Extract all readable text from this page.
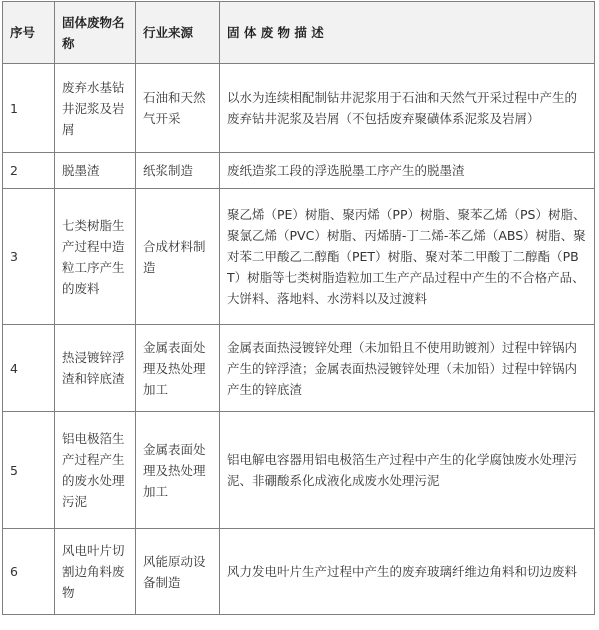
序号	固体废物名称	行业来源	固 体 废 物 描 述
1	废弃水基钻井泥浆及岩屑	石油和天然气开采	以水为连续相配制钻井泥浆用于石油和天然气开采过程中产生的废弃钻井泥浆及岩屑（不包括废弃聚磺体系泥浆及岩屑）
2	脱墨渣	纸浆制造	废纸造浆工段的浮选脱墨工序产生的脱墨渣
3	七类树脂生产过程中造粒工序产生的废料	合成材料制造	聚乙烯（PE）树脂、聚丙烯（PP）树脂、聚苯乙烯（PS）树脂、聚氯乙烯（PVC）树脂、丙烯腈-丁二烯-苯乙烯（ABS）树脂、聚对苯二甲酸乙二醇酯（PET）树脂、聚对苯二甲酸丁二醇酯（PBT）树脂等七类树脂造粒加工生产产品过程中产生的不合格产品、大饼料、落地料、水涝料以及过渡料
4	热浸镀锌浮渣和锌底渣	金属表面处理及热处理加工	金属表面热浸镀锌处理（未加铅且不使用助镀剂）过程中锌锅内产生的锌浮渣；金属表面热浸镀锌处理（未加铅）过程中锌锅内产生的锌底渣
5	铝电极箔生产过程产生的废水处理污泥	金属表面处理及热处理加工	铝电解电容器用铝电极箔生产过程中产生的化学腐蚀废水处理污泥、非硼酸系化成液化成废水处理污泥
6	风电叶片切割边角料废物	风能原动设备制造	风力发电叶片生产过程中产生的废弃玻璃纤维边角料和切边废料
